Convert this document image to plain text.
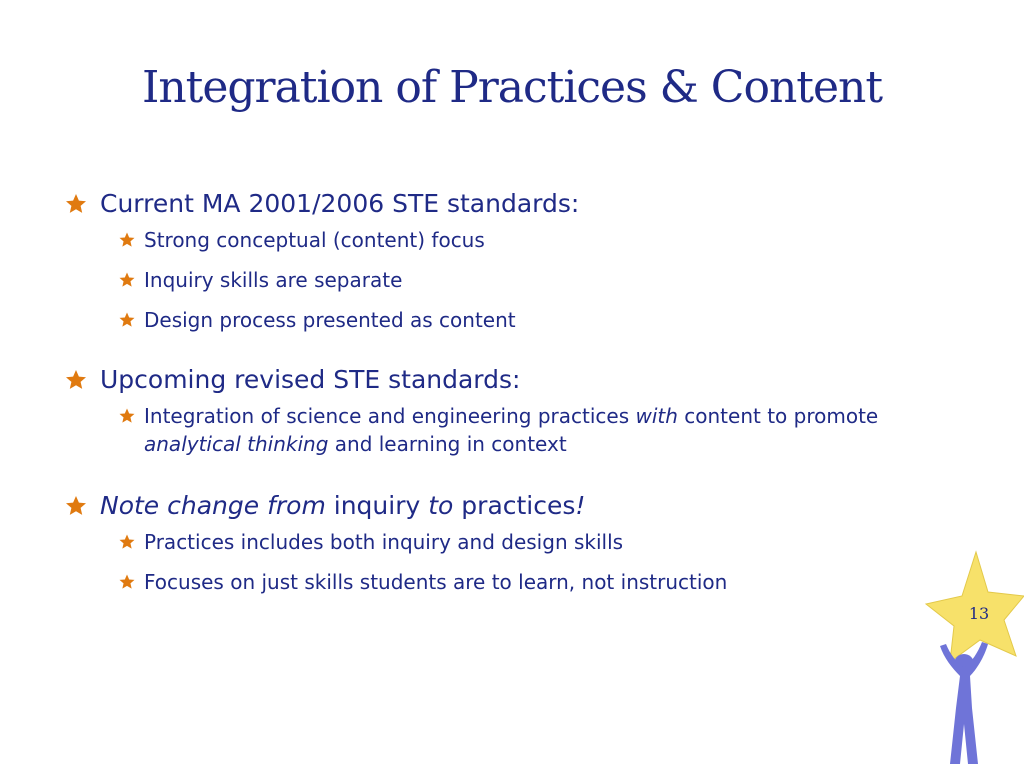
Integration of Practices & Content
Current MA 2001/2006 STE standards:
Strong conceptual (content) focus
Inquiry skills are separate
Design process presented as content
Upcoming revised STE standards:
Integration of science and engineering practices with content to promote analytical thinking and learning in context
Note change from inquiry to practices!
Practices includes both inquiry and design skills
Focuses on just skills students are to learn, not instruction
13
